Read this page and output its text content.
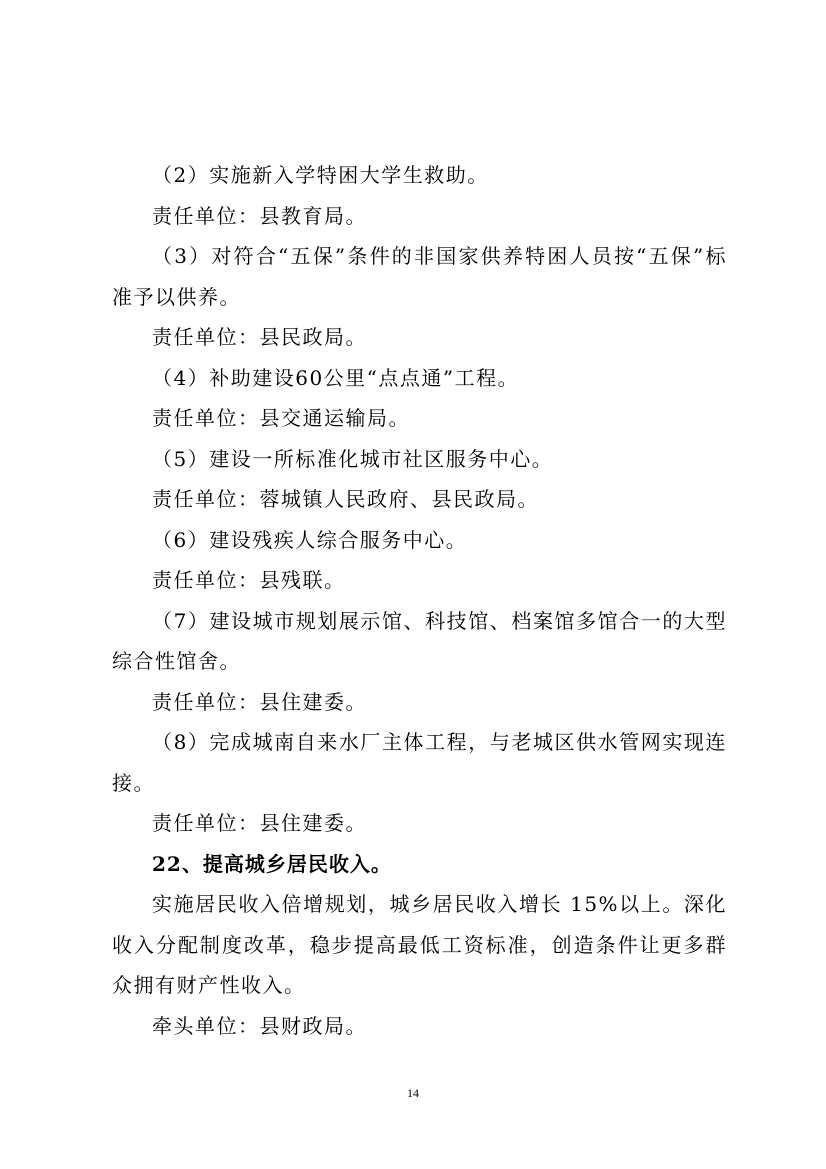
（2）实施新入学特困大学生救助。

责任单位：县教育局。

（3）对符合“五保”条件的非国家供养特困人员按“五保”标准予以供养。

责任单位：县民政局。

（4）补助建设60公里“点点通”工程。

责任单位：县交通运输局。

（5）建设一所标准化城市社区服务中心。

责任单位：蓉城镇人民政府、县民政局。

（6）建设残疾人综合服务中心。

责任单位：县残联。

（7）建设城市规划展示馆、科技馆、档案馆多馆合一的大型综合性馆舍。

责任单位：县住建委。

（8）完成城南自来水厂主体工程，与老城区供水管网实现连接。

责任单位：县住建委。

22、提高城乡居民收入。

实施居民收入倍增规划，城乡居民收入增长 15%以上。深化收入分配制度改革，稳步提高最低工资标准，创造条件让更多群众拥有财产性收入。

牵头单位：县财政局。

14
